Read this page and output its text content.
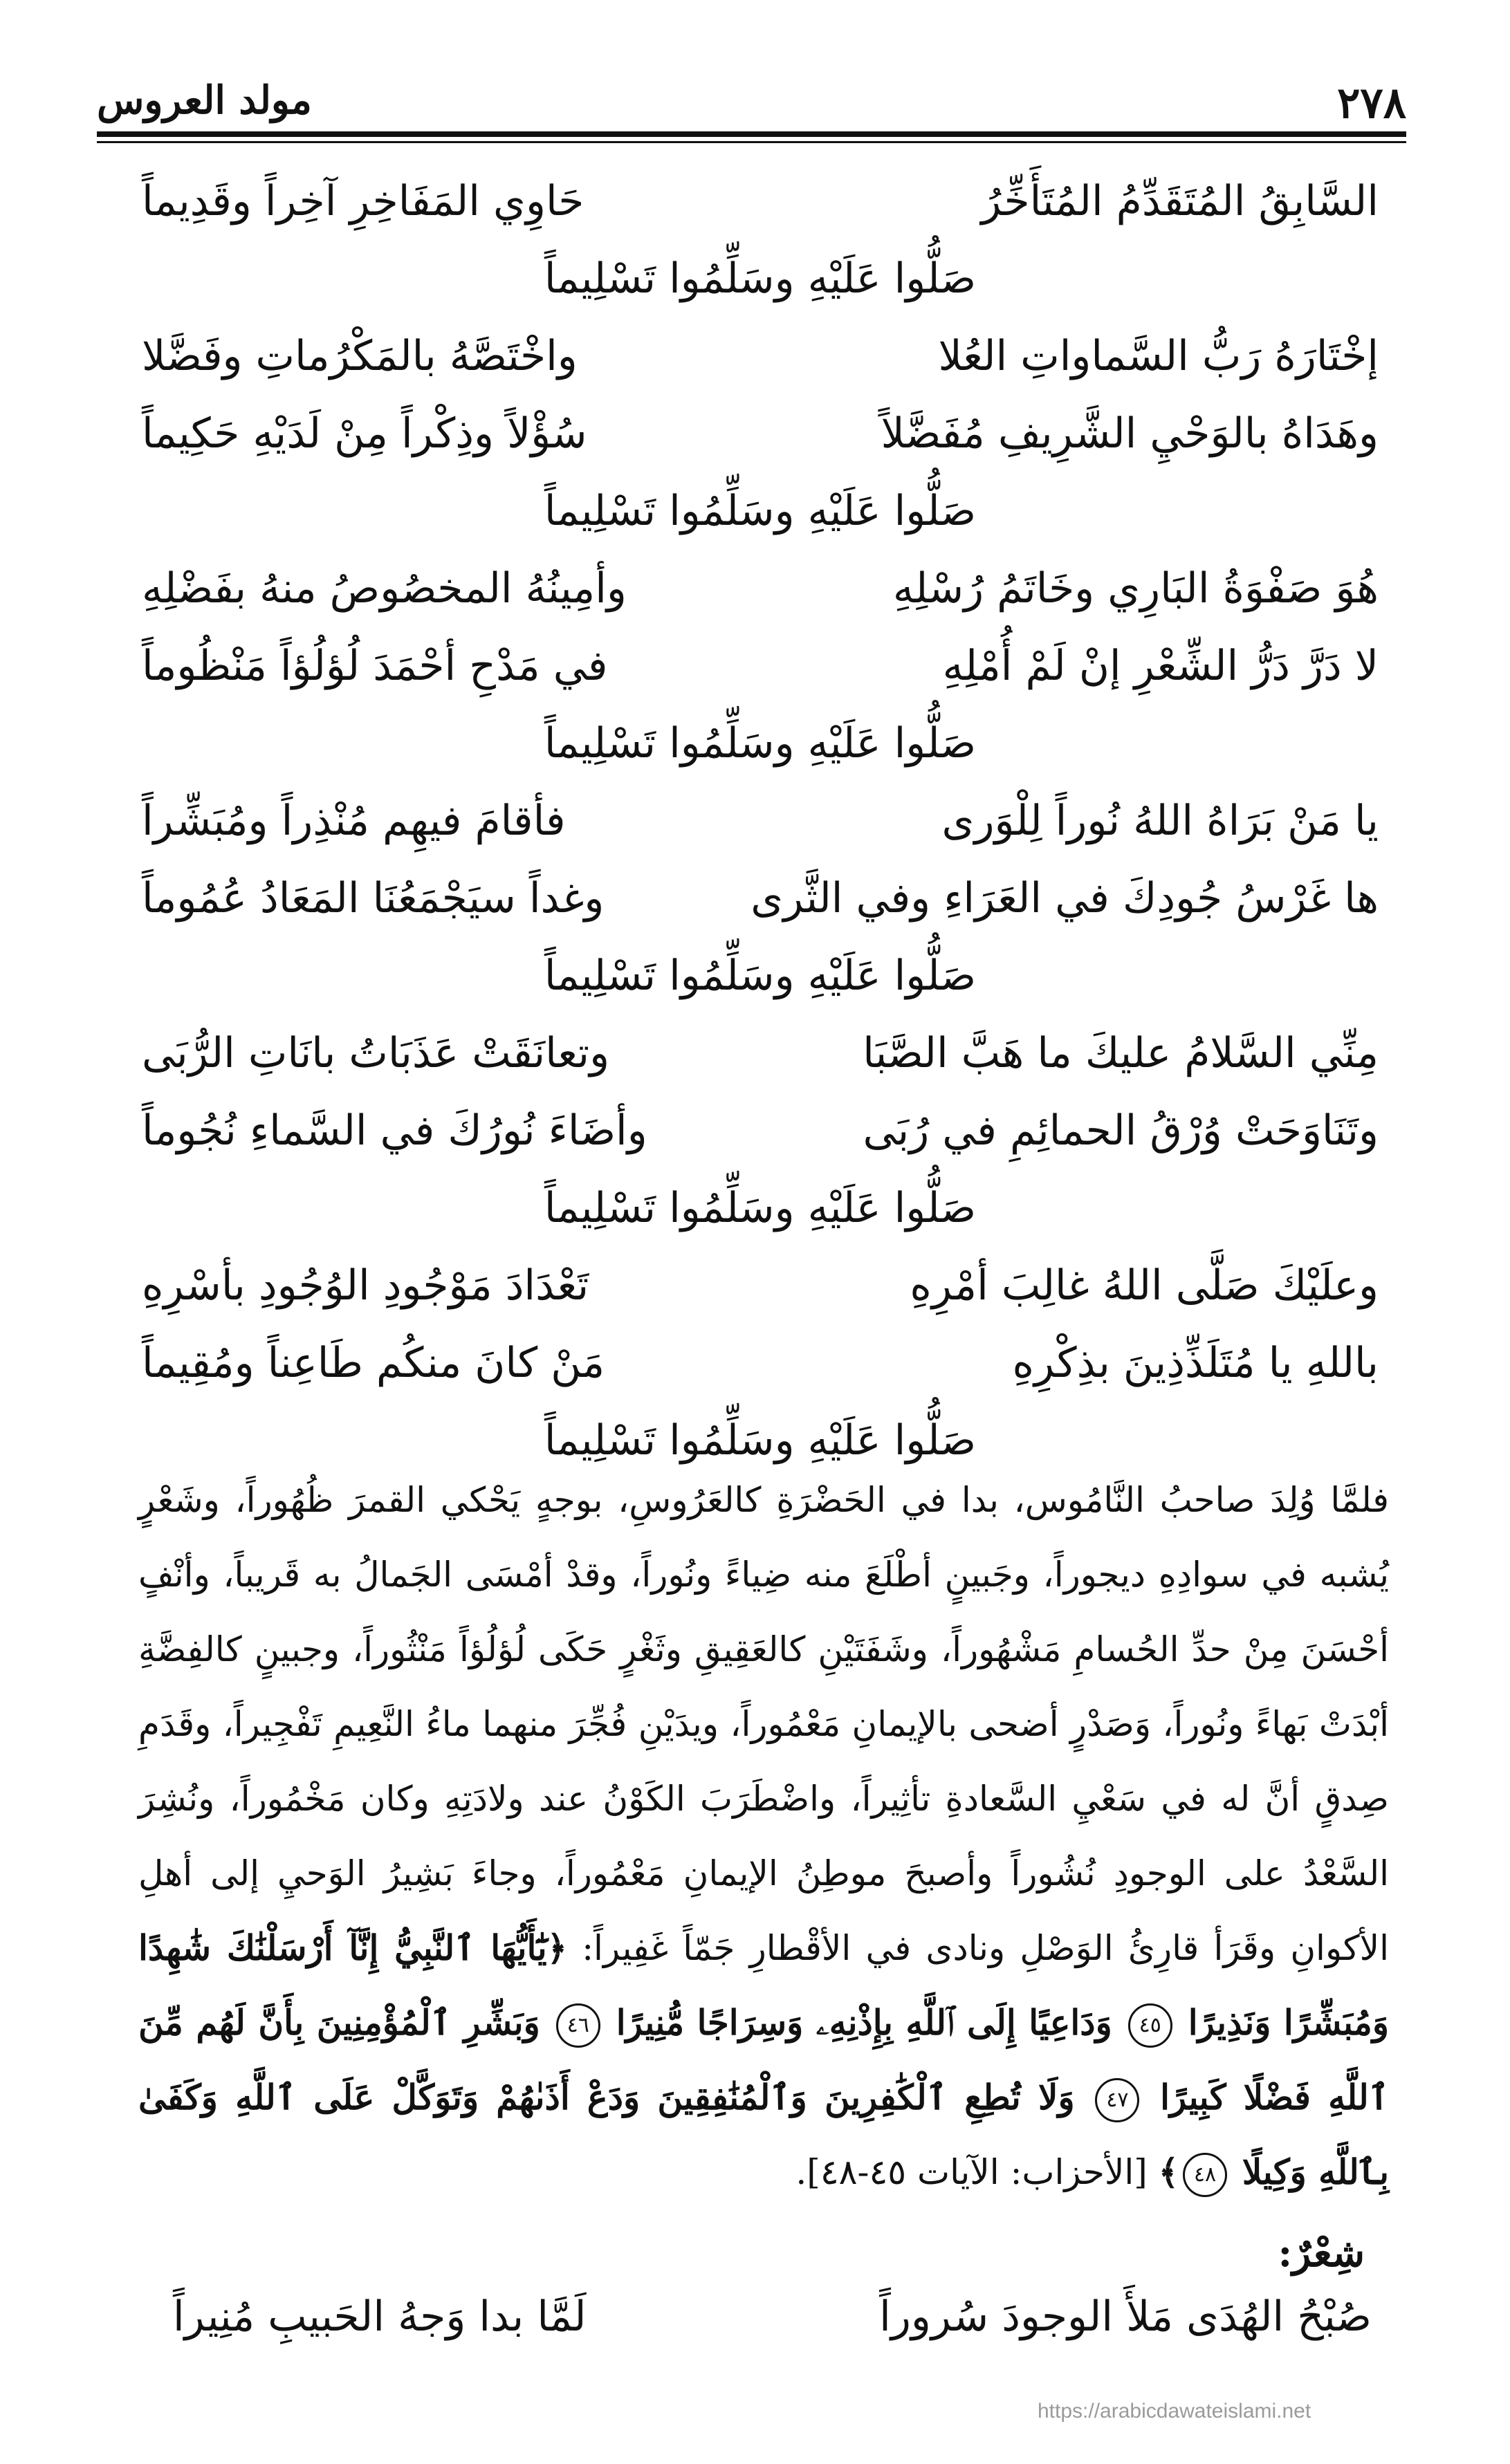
٢٧٨
مولد العروس
السَّابِقُ المُتَقَدِّمُ المُتَأَخِّرُ
حَاوِي المَفَاخِرِ آخِراً وقَدِيماً
صَلُّوا عَلَيْهِ وسَلِّمُوا تَسْلِيماً
إخْتَارَهُ رَبُّ السَّماواتِ العُلا
واخْتَصَّهُ بالمَكْرُماتِ وفَضَّلا
وهَدَاهُ بالوَحْيِ الشَّرِيفِ مُفَضَّلاً
سُؤْلاً وذِكْراً مِنْ لَدَيْهِ حَكِيماً
صَلُّوا عَلَيْهِ وسَلِّمُوا تَسْلِيماً
هُوَ صَفْوَةُ البَارِي وخَاتَمُ رُسْلِهِ
وأمِينُهُ المخصُوصُ منهُ بفَضْلِهِ
لا دَرَّ دَرُّ الشِّعْرِ إنْ لَمْ أُمْلِهِ
في مَدْحِ أحْمَدَ لُؤلُؤاً مَنْظُوماً
صَلُّوا عَلَيْهِ وسَلِّمُوا تَسْلِيماً
يا مَنْ بَرَاهُ اللهُ نُوراً لِلْوَرى
فأقامَ فيهِم مُنْذِراً ومُبَشِّراً
ها غَرْسُ جُودِكَ في العَرَاءِ وفي الثَّرى
وغداً سيَجْمَعُنَا المَعَادُ عُمُوماً
صَلُّوا عَلَيْهِ وسَلِّمُوا تَسْلِيماً
مِنِّي السَّلامُ عليكَ ما هَبَّ الصَّبَا
وتعانَقَتْ عَذَبَاتُ بانَاتِ الرُّبَى
وتَنَاوَحَتْ وُرْقُ الحمائِمِ في رُبَى
وأضَاءَ نُورُكَ في السَّماءِ نُجُوماً
صَلُّوا عَلَيْهِ وسَلِّمُوا تَسْلِيماً
وعلَيْكَ صَلَّى اللهُ غالِبَ أمْرِهِ
تَعْدَادَ مَوْجُودِ الوُجُودِ بأسْرِهِ
باللهِ يا مُتَلَذِّذِينَ بذِكْرِهِ
مَنْ كانَ منكُم طَاعِناً ومُقِيماً
صَلُّوا عَلَيْهِ وسَلِّمُوا تَسْلِيماً

فلمَّا وُلِدَ صاحبُ النَّامُوس، بدا في الحَضْرَةِ كالعَرُوسِ، بوجهٍ يَحْكي القمرَ ظُهُوراً، وشَعْرٍ يُشبه في سوادِهِ ديجوراً، وجَبينٍ أطْلَعَ منه ضِياءً ونُوراً، وقدْ أمْسَى الجَمالُ به قَريباً، وأنْفٍ أحْسَنَ مِنْ حدِّ الحُسامِ مَشْهُوراً، وشَفَتَيْنِ كالعَقِيقِ وثَغْرٍ حَكَى لُؤلُؤاً مَنْثُوراً، وجبينٍ كالفِضَّةِ أبْدَتْ بَهاءً ونُوراً، وَصَدْرٍ أضحى بالإيمانِ مَعْمُوراً، ويدَيْنِ فُجِّرَ منهما ماءُ النَّعِيمِ تَفْجِيراً، وقَدَمِ صِدقٍ أنَّ له في سَعْيِ السَّعادةِ تأثِيراً، واضْطَرَبَ الكَوْنُ عند ولادَتِهِ وكان مَخْمُوراً، ونُشِرَ السَّعْدُ على الوجودِ نُشُوراً وأصبحَ موطِنُ الإيمانِ مَعْمُوراً، وجاءَ بَشِيرُ الوَحيِ إلى أهلِ الأكوانِ وقَرَأ قارِئُ الوَصْلِ ونادى في الأقْطارِ جَمّاً غَفِيراً: ﴿يَٰٓأَيُّهَا ٱلنَّبِيُّ إِنَّآ أَرْسَلْنَٰكَ شَٰهِدًا وَمُبَشِّرًا وَنَذِيرًا ٤٥ وَدَاعِيًا إِلَى ٱللَّهِ بِإِذْنِهِۦ وَسِرَاجًا مُّنِيرًا ٤٦ وَبَشِّرِ ٱلْمُؤْمِنِينَ بِأَنَّ لَهُم مِّنَ ٱللَّهِ فَضْلًا كَبِيرًا ٤٧ وَلَا تُطِعِ ٱلْكَٰفِرِينَ وَٱلْمُنَٰفِقِينَ وَدَعْ أَذَىٰهُمْ وَتَوَكَّلْ عَلَى ٱللَّهِ وَكَفَىٰ بِٱللَّهِ وَكِيلًا ٤٨﴾ [الأحزاب: الآيات ٤٥-٤٨].

شِعْرٌ:
صُبْحُ الهُدَى مَلأَ الوجودَ سُروراً
لَمَّا بدا وَجهُ الحَبيبِ مُنِيراً
https://arabicdawateislami.net
